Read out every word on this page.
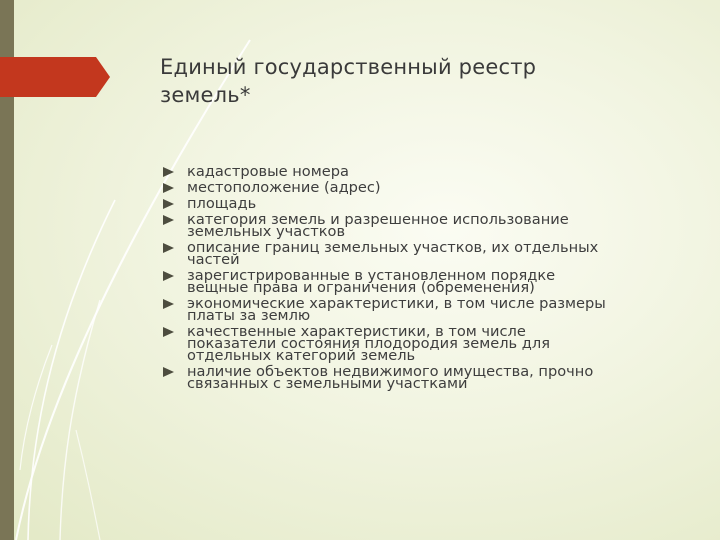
Единый государственный реестр
земель*
кадастровые номера
местоположение (адрес)
площадь
категория земель и разрешенное использование
земельных участков
описание границ земельных участков, их отдельных
частей
зарегистрированные в установленном порядке
вещные права и ограничения (обременения)
экономические характеристики, в том числе размеры
платы за землю
качественные характеристики, в том числе
показатели состояния плодородия земель для
отдельных категорий земель
наличие объектов недвижимого имущества, прочно
связанных с земельными участками
